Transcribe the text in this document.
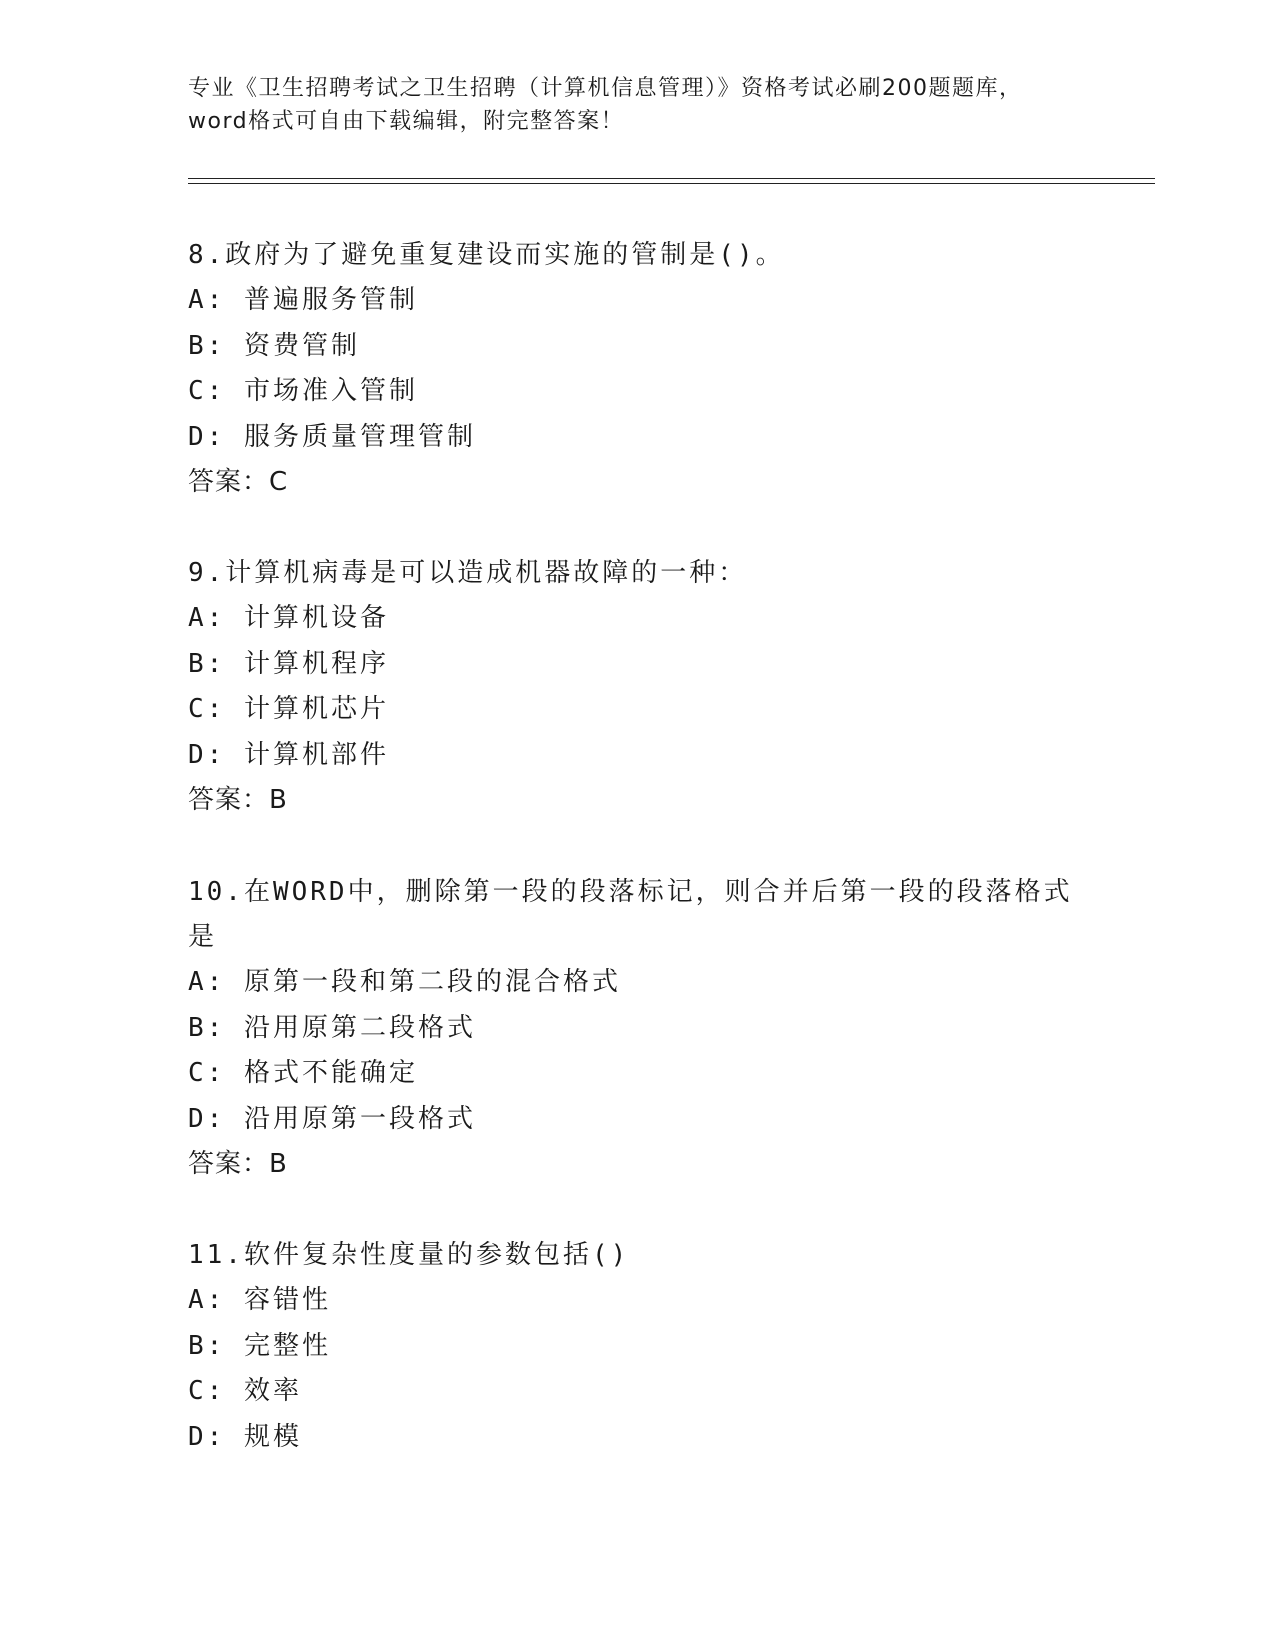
专业《卫生招聘考试之卫生招聘（计算机信息管理）》资格考试必刷200题题库，
word格式可自由下载编辑，附完整答案！
8.政府为了避免重复建设而实施的管制是()。
A: 普遍服务管制
B: 资费管制
C: 市场准入管制
D: 服务质量管理管制
答案：C
9.计算机病毒是可以造成机器故障的一种：
A: 计算机设备
B: 计算机程序
C: 计算机芯片
D: 计算机部件
答案：B
10.在WORD中，删除第一段的段落标记，则合并后第一段的段落格式
是
A: 原第一段和第二段的混合格式
B: 沿用原第二段格式
C: 格式不能确定
D: 沿用原第一段格式
答案：B
11.软件复杂性度量的参数包括()
A: 容错性
B: 完整性
C: 效率
D: 规模
